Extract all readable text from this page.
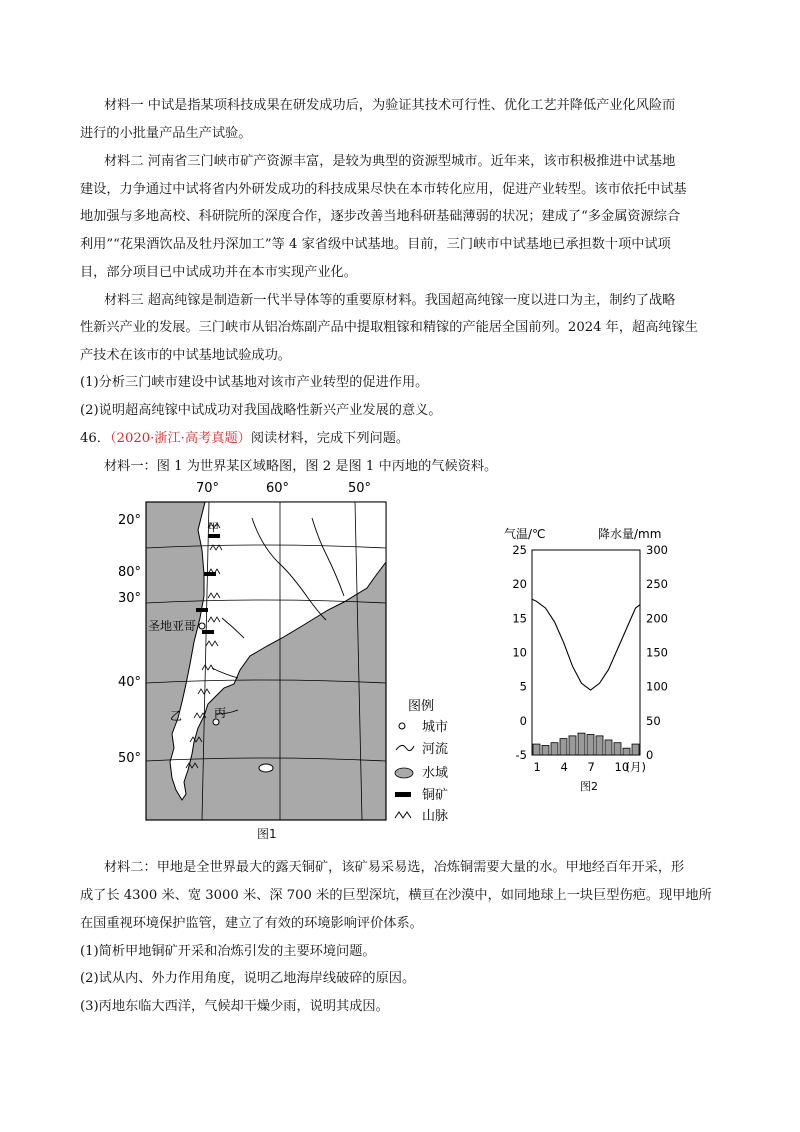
材料一 中试是指某项科技成果在研发成功后，为验证其技术可行性、优化工艺并降低产业化风险而
进行的小批量产品生产试验。
材料二 河南省三门峡市矿产资源丰富，是较为典型的资源型城市。近年来，该市积极推进中试基地
建设，力争通过中试将省内外研发成功的科技成果尽快在本市转化应用，促进产业转型。该市依托中试基
地加强与多地高校、科研院所的深度合作，逐步改善当地科研基础薄弱的状况；建成了“多金属资源综合
利用”“花果酒饮品及牡丹深加工”等 4 家省级中试基地。目前，三门峡市中试基地已承担数十项中试项
目，部分项目已中试成功并在本市实现产业化。
材料三 超高纯镓是制造新一代半导体等的重要原材料。我国超高纯镓一度以进口为主，制约了战略
性新兴产业的发展。三门峡市从铝冶炼副产品中提取粗镓和精镓的产能居全国前列。2024 年，超高纯镓生
产技术在该市的中试基地试验成功。
(1)分析三门峡市建设中试基地对该市产业转型的促进作用。
(2)说明超高纯镓中试成功对我国战略性新兴产业发展的意义。
46．（2020·浙江·高考真题）阅读材料，完成下列问题。
材料一：图 1 为世界某区域略图，图 2 是图 1 中丙地的气候资料。
70°	60°	50°
20°
80°
30°
40°
50°
甲
乙	丙
圣地亚哥
图例
城市
河流
水域
铜矿
山脉
图1
气温/℃	降水量/mm
25
20
15
10
5
0
-5
300
250
200
150
100
50
0
1 4 7 10
(月)
图2
材料二：甲地是全世界最大的露天铜矿，该矿易采易选，冶炼铜需要大量的水。甲地经百年开采，形
成了长 4300 米、宽 3000 米、深 700 米的巨型深坑，横亘在沙漠中，如同地球上一块巨型伤疤。现甲地所
在国重视环境保护监管，建立了有效的环境影响评价体系。
(1)简析甲地铜矿开采和冶炼引发的主要环境问题。
(2)试从内、外力作用角度，说明乙地海岸线破碎的原因。
(3)丙地东临大西洋，气候却干燥少雨，说明其成因。
